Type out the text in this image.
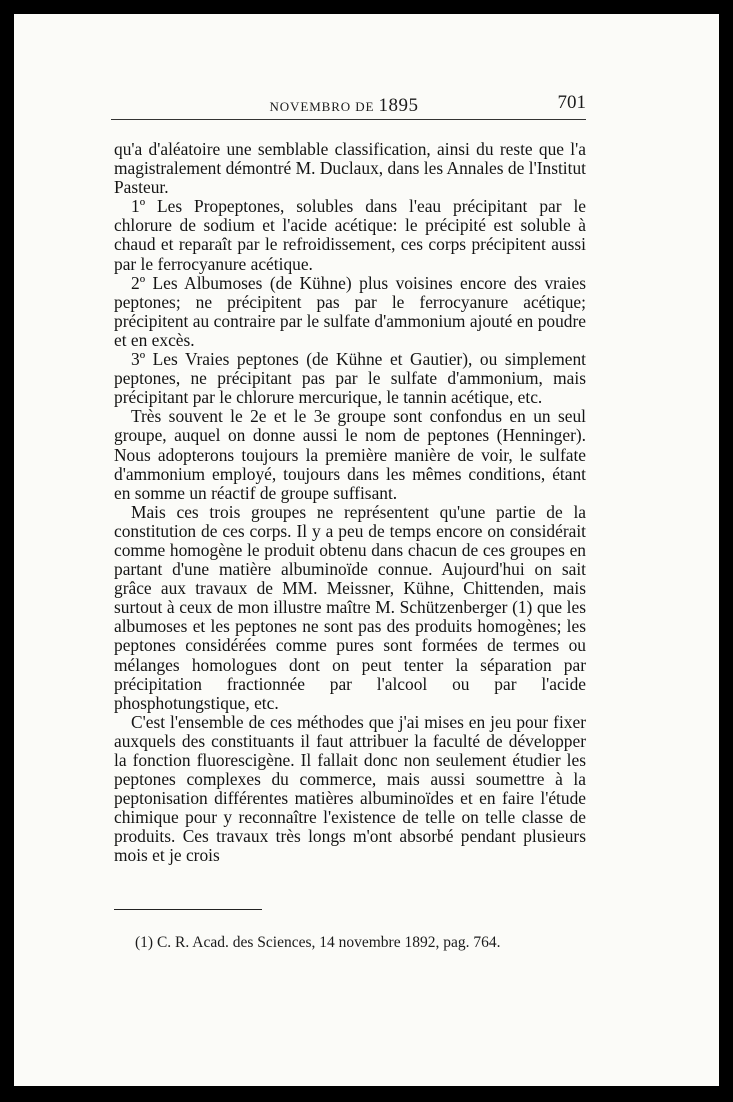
NOVEMBRO DE 1895	701

qu'a d'aléatoire une semblable classification, ainsi du reste que l'a magistralement démontré M. Duclaux, dans les Annales de l'Institut Pasteur.

1º Les Propeptones, solubles dans l'eau précipitant par le chlorure de sodium et l'acide acétique: le précipité est soluble à chaud et reparaît par le refroidissement, ces corps précipitent aussi par le ferrocyanure acétique.

2º Les Albumoses (de Kühne) plus voisines encore des vraies peptones; ne précipitent pas par le ferrocyanure acétique; précipitent au contraire par le sulfate d'ammonium ajouté en poudre et en excès.

3º Les Vraies peptones (de Kühne et Gautier), ou simplement peptones, ne précipitant pas par le sulfate d'ammonium, mais précipitant par le chlorure mercurique, le tannin acétique, etc.

Très souvent le 2e et le 3e groupe sont confondus en un seul groupe, auquel on donne aussi le nom de peptones (Henninger). Nous adopterons toujours la première manière de voir, le sulfate d'ammonium employé, toujours dans les mêmes conditions, étant en somme un réactif de groupe suffisant.

Mais ces trois groupes ne représentent qu'une partie de la constitution de ces corps. Il y a peu de temps encore on considérait comme homogène le produit obtenu dans chacun de ces groupes en partant d'une matière albuminoïde connue. Aujourd'hui on sait grâce aux travaux de MM. Meissner, Kühne, Chittenden, mais surtout à ceux de mon illustre maître M. Schützenberger (1) que les albumoses et les peptones ne sont pas des produits homogènes; les peptones considérées comme pures sont formées de termes ou mélanges homologues dont on peut tenter la séparation par précipitation fractionnée par l'alcool ou par l'acide phosphotungstique, etc.

C'est l'ensemble de ces méthodes que j'ai mises en jeu pour fixer auxquels des constituants il faut attribuer la faculté de développer la fonction fluorescigène. Il fallait donc non seulement étudier les peptones complexes du commerce, mais aussi soumettre à la peptonisation différentes matières albuminoïdes et en faire l'étude chimique pour y reconnaître l'existence de telle on telle classe de produits. Ces travaux très longs m'ont absorbé pendant plusieurs mois et je crois

(1) C. R. Acad. des Sciences, 14 novembre 1892, pag. 764.
